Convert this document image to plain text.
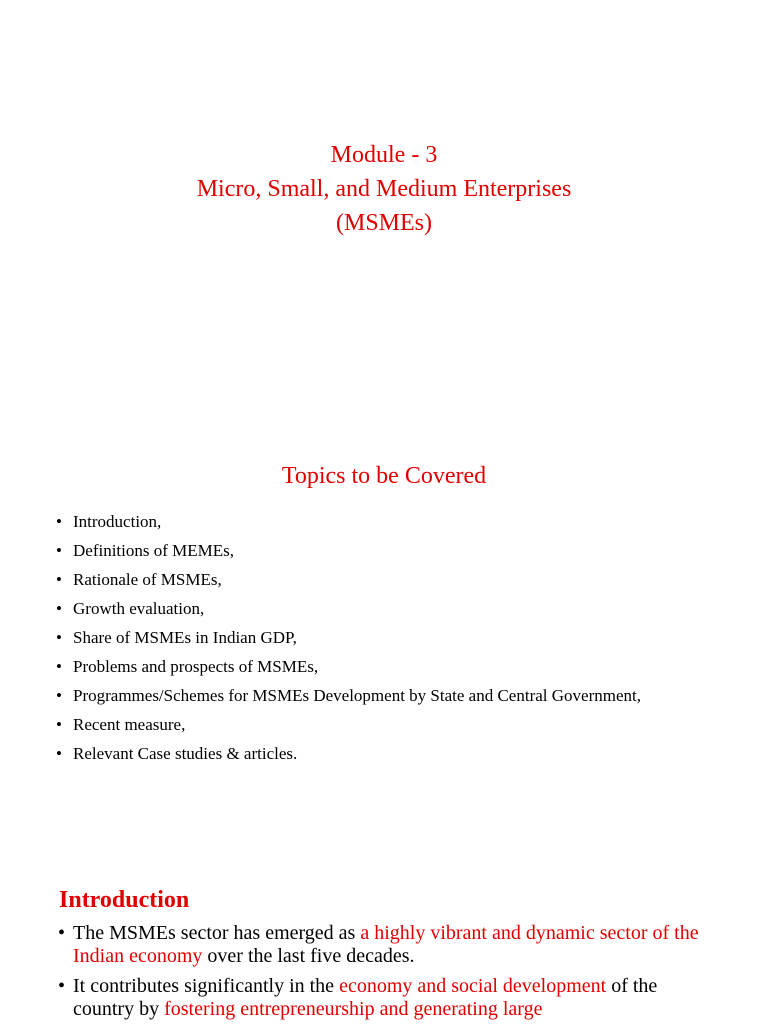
Module - 3
Micro, Small, and Medium Enterprises
(MSMEs)
Topics to be Covered
• Introduction,
• Definitions of MEMEs,
• Rationale of MSMEs,
• Growth evaluation,
• Share of MSMEs in Indian GDP,
• Problems and prospects of MSMEs,
• Programmes/Schemes for MSMEs Development by State and Central Government,
• Recent measure,
• Relevant Case studies & articles.
Introduction
• The MSMEs sector has emerged as a highly vibrant and dynamic sector of the Indian economy over the last five decades.
• It contributes significantly in the economy and social development of the country by fostering entrepreneurship and generating large
